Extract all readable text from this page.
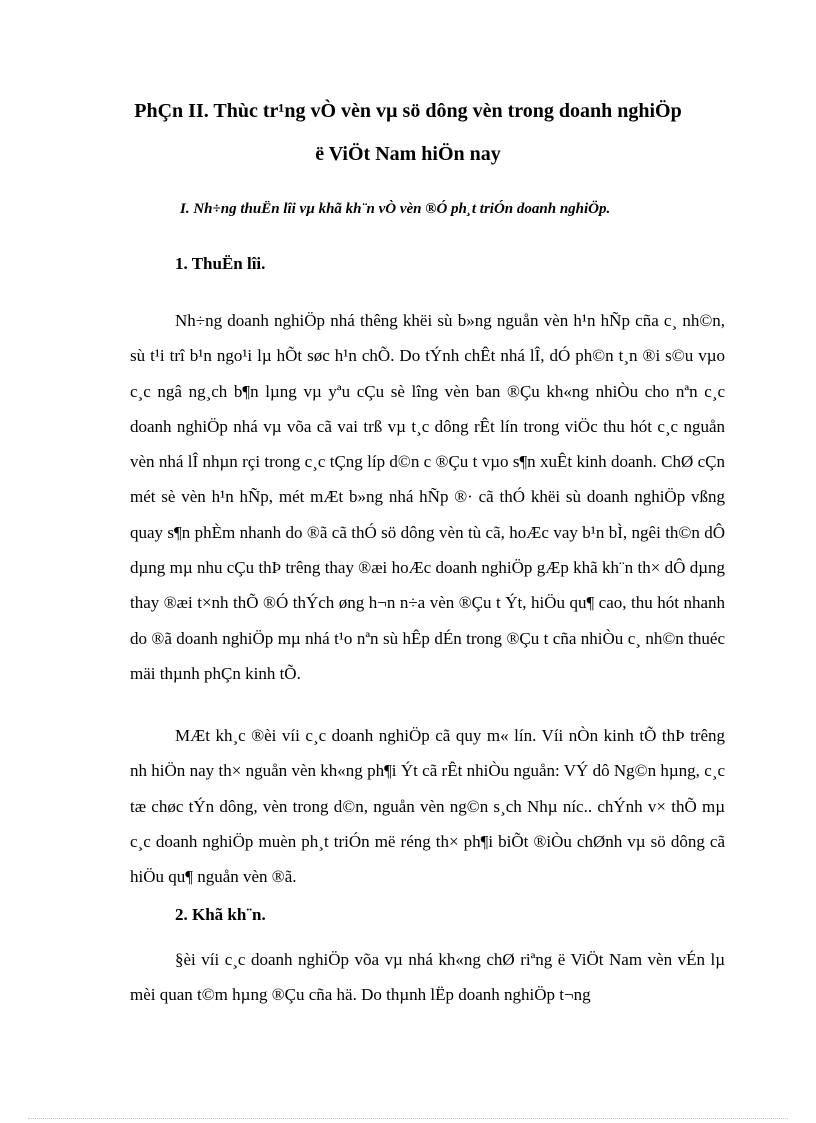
PhÇn II. Thùc tr¹ng vÒ vèn vµ sö dông vèn trong doanh nghiÖp
ë ViÖt Nam hiÖn nay
I. Nh÷ng thuËn lîi vµ khã kh¨n vÒ vèn ®Ó ph¸t triÓn doanh nghiÖp.
1. ThuËn lîi.

Nh÷ng doanh nghiÖp nhá thêng khëi sù b»ng nguån vèn h¹n hÑp cña c¸ nh©n, sù t¹i trî b¹n ngo¹i lµ hÕt søc h¹n chÕ. Do tÝnh chÊt nhá lÎ, dÓ ph©n t¸n ®i s©u vµo c¸c ngâ ng¸ch b¶n lµng vµ yªu cÇu sè lîng vèn ban ®Çu kh«ng nhiÒu cho nªn c¸c doanh nghiÖp nhá vµ võa cã vai trß vµ t¸c dông rÊt lín trong viÖc thu hót c¸c nguån vèn nhá lÎ nhµn rçi trong c¸c tÇng líp d©n c ®Çu t vµo s¶n xuÊt kinh doanh. ChØ cÇn mét sè vèn h¹n hÑp, mét mÆt b»ng nhá hÑp ®· cã thÓ khëi sù doanh nghiÖp vßng quay s¶n phÈm nhanh do ®ã cã thÓ sö dông vèn tù cã, hoÆc vay b¹n bÌ, ngêi th©n dÔ dµng mµ nhu cÇu thÞ trêng thay ®æi hoÆc doanh nghiÖp gÆp khã kh¨n th× dÔ dµng thay ®æi t×nh thÕ ®Ó thÝch øng h¬n n÷a vèn ®Çu t Ýt, hiÖu qu¶ cao, thu hót nhanh do ®ã doanh nghiÖp mµ nhá t¹o nªn sù hÊp dÉn trong ®Çu t cña nhiÒu c¸ nh©n thuéc mäi thµnh phÇn kinh tÕ.

MÆt kh¸c ®èi víi c¸c doanh nghiÖp cã quy m« lín. Víi nÒn kinh tÕ thÞ trêng nh hiÖn nay th× nguån vèn kh«ng ph¶i Ýt cã rÊt nhiÒu nguån: VÝ dô Ng©n hµng, c¸c tæ chøc tÝn dông, vèn trong d©n, nguån vèn ng©n s¸ch Nhµ níc.. chÝnh v× thÕ mµ c¸c doanh nghiÖp muèn ph¸t triÓn më réng th× ph¶i biÕt ®iÒu chØnh vµ sö dông cã hiÖu qu¶ nguån vèn ®ã.

2. Khã kh¨n.

§èi víi c¸c doanh nghiÖp võa vµ nhá kh«ng chØ riªng ë ViÖt Nam vèn vÉn lµ mèi quan t©m hµng ®Çu cña hä. Do thµnh lËp doanh nghiÖp t¬ng
